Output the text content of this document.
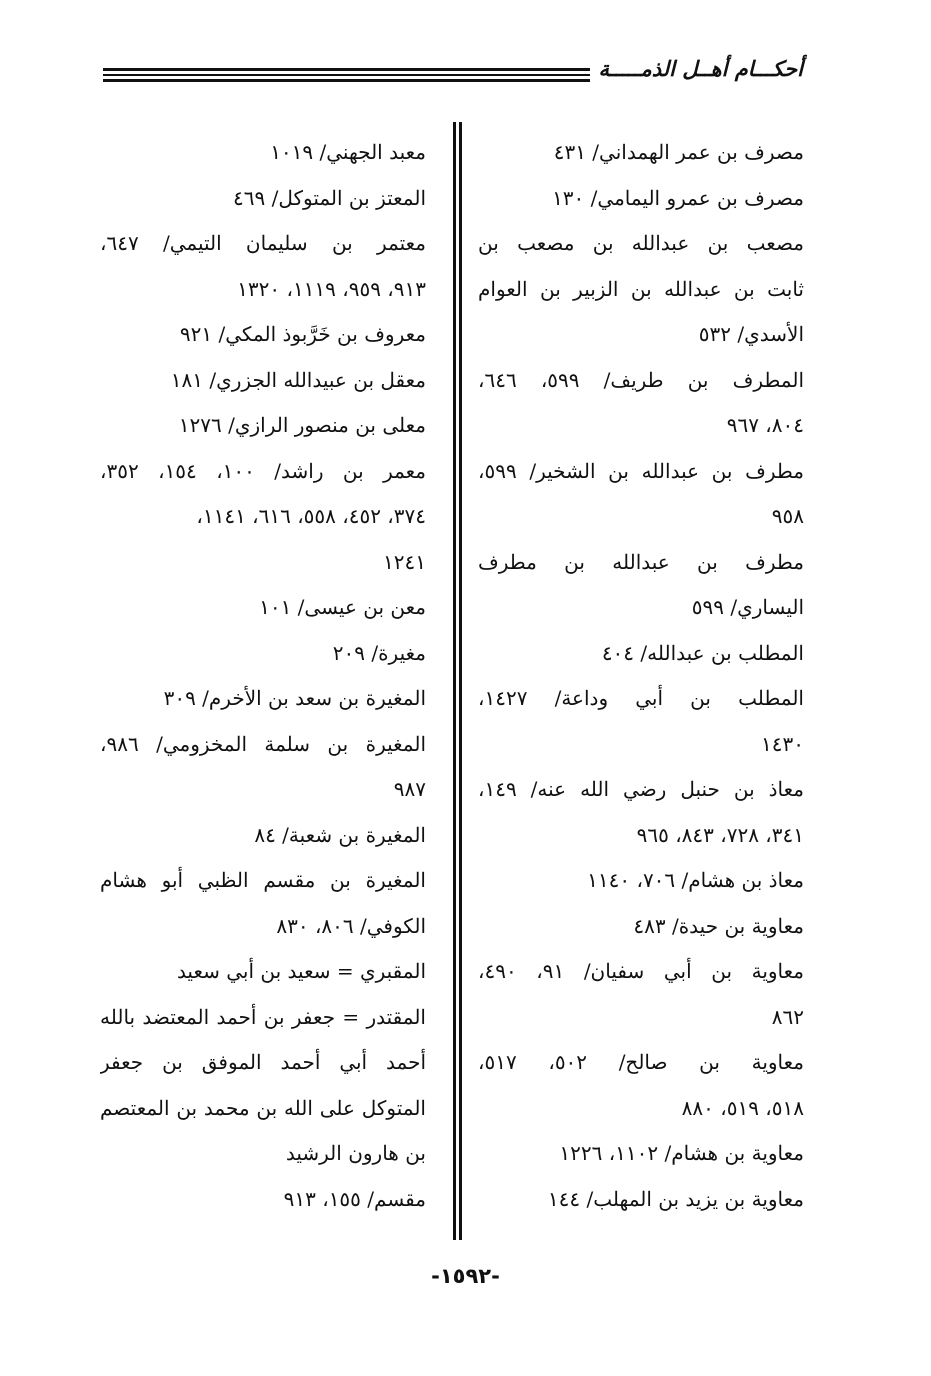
أحكـــام أهــل الذمـــــة
مصرف بن عمر الهمداني/ ٤٣١
مصرف بن عمرو اليمامي/ ١٣٠
مصعب بن عبدالله بن مصعب بن
ثابت بن عبدالله بن الزبير بن العوام
الأسدي/ ٥٣٢
المطرف بن طريف/ ٥٩٩، ٦٤٦،
٨٠٤، ٩٦٧
مطرف بن عبدالله بن الشخير/ ٥٩٩،
٩٥٨
مطرف بن عبدالله بن مطرف
اليساري/ ٥٩٩
المطلب بن عبدالله/ ٤٠٤
المطلب بن أبي وداعة/ ١٤٢٧،
١٤٣٠
معاذ بن حنبل رضي الله عنه/ ١٤٩،
٣٤١، ٧٢٨، ٨٤٣، ٩٦٥
معاذ بن هشام/ ٧٠٦، ١١٤٠
معاوية بن حيدة/ ٤٨٣
معاوية بن أبي سفيان/ ٩١، ٤٩٠،
٨٦٢
معاوية بن صالح/ ٥٠٢، ٥١٧،
٥١٨، ٥١٩، ٨٨٠
معاوية بن هشام/ ١١٠٢، ١٢٢٦
معاوية بن يزيد بن المهلب/ ١٤٤
معبد الجهني/ ١٠١٩
المعتز بن المتوكل/ ٤٦٩
معتمر بن سليمان التيمي/ ٦٤٧،
٩١٣، ٩٥٩، ١١١٩، ١٣٢٠
معروف بن خَرَّبوذ المكي/ ٩٢١
معقل بن عبيدالله الجزري/ ١٨١
معلى بن منصور الرازي/ ١٢٧٦
معمر بن راشد/ ١٠٠، ١٥٤، ٣٥٢،
٣٧٤، ٤٥٢، ٥٥٨، ٦١٦، ١١٤١،
١٢٤١
معن بن عيسى/ ١٠١
مغيرة/ ٢٠٩
المغيرة بن سعد بن الأخرم/ ٣٠٩
المغيرة بن سلمة المخزومي/ ٩٨٦،
٩٨٧
المغيرة بن شعبة/ ٨٤
المغيرة بن مقسم الظبي أبو هشام
الكوفي/ ٨٠٦، ٨٣٠
المقبري = سعيد بن أبي سعيد
المقتدر = جعفر بن أحمد المعتضد بالله
أحمد أبي أحمد الموفق بن جعفر
المتوكل على الله بن محمد بن المعتصم
بن هارون الرشيد
مقسم/ ١٥٥، ٩١٣
-١٥٩٢-
